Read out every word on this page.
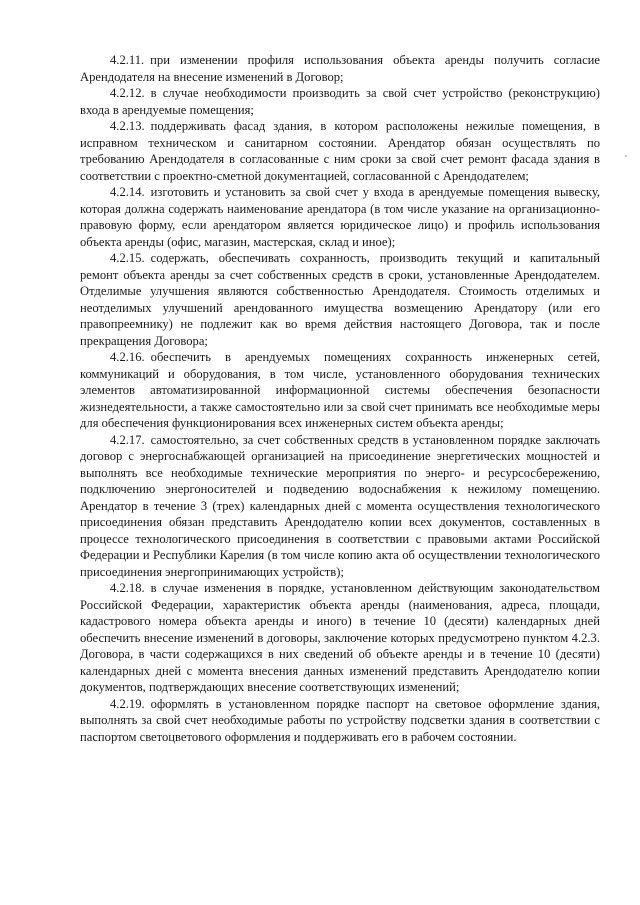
4.2.11. при изменении профиля использования объекта аренды получить согласие Арендодателя на внесение изменений в Договор;

4.2.12. в случае необходимости производить за свой счет устройство (реконструкцию) входа в арендуемые помещения;

4.2.13. поддерживать фасад здания, в котором расположены нежилые помещения, в исправном техническом и санитарном состоянии. Арендатор обязан осуществлять по требованию Арендодателя в согласованные с ним сроки за свой счет ремонт фасада здания в соответствии с проектно-сметной документацией, согласованной с Арендодателем;

4.2.14. изготовить и установить за свой счет у входа в арендуемые помещения вывеску, которая должна содержать наименование арендатора (в том числе указание на организационно-правовую форму, если арендатором является юридическое лицо) и профиль использования объекта аренды (офис, магазин, мастерская, склад и иное);

4.2.15. содержать, обеспечивать сохранность, производить текущий и капитальный ремонт объекта аренды за счет собственных средств в сроки, установленные Арендодателем. Отделимые улучшения являются собственностью Арендодателя. Стоимость отделимых и неотделимых улучшений арендованного имущества возмещению Арендатору (или его правопреемнику) не подлежит как во время действия настоящего Договора, так и после прекращения Договора;

4.2.16. обеспечить в арендуемых помещениях сохранность инженерных сетей, коммуникаций и оборудования, в том числе, установленного оборудования технических элементов автоматизированной информационной системы обеспечения безопасности жизнедеятельности, а также самостоятельно или за свой счет принимать все необходимые меры для обеспечения функционирования всех инженерных систем объекта аренды;

4.2.17. самостоятельно, за счет собственных средств в установленном порядке заключать договор с энергоснабжающей организацией на присоединение энергетических мощностей и выполнять все необходимые технические мероприятия по энерго- и ресурсосбережению, подключению энергоносителей и подведению водоснабжения к нежилому помещению. Арендатор в течение 3 (трех) календарных дней с момента осуществления технологического присоединения обязан представить Арендодателю копии всех документов, составленных в процессе технологического присоединения в соответствии с правовыми актами Российской Федерации и Республики Карелия (в том числе копию акта об осуществлении технологического присоединения энергопринимающих устройств);

4.2.18. в случае изменения в порядке, установленном действующим законодательством Российской Федерации, характеристик объекта аренды (наименования, адреса, площади, кадастрового номера объекта аренды и иного) в течение 10 (десяти) календарных дней обеспечить внесение изменений в договоры, заключение которых предусмотрено пунктом 4.2.3. Договора, в части содержащихся в них сведений об объекте аренды и в течение 10 (десяти) календарных дней с момента внесения данных изменений представить Арендодателю копии документов, подтверждающих внесение соответствующих изменений;

4.2.19. оформлять в установленном порядке паспорт на световое оформление здания, выполнять за свой счет необходимые работы по устройству подсветки здания в соответствии с паспортом светоцветового оформления и поддерживать его в рабочем состоянии.
